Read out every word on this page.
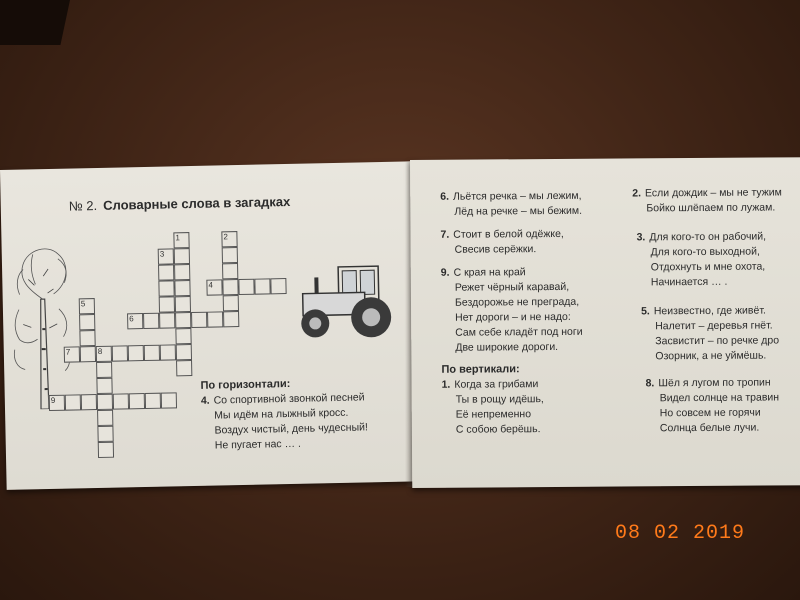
№ 2. Словарные слова в загадках
1	2
3
4
5
6
7	8
9
По горизонтали:
4. Со спортивной звонкой песней
Мы идём на лыжный кросс.
Воздух чистый, день чудесный!
Не пугает нас … .
6. Льётся речка – мы лежим,
Лёд на речке – мы бежим.
7. Стоит в белой одёжке,
Свесив серёжки.
9. С края на край
Режет чёрный каравай,
Бездорожье не преграда,
Нет дороги – и не надо:
Сам себе кладёт под ноги
Две широкие дороги.
По вертикали:
1. Когда за грибами
Ты в рощу идёшь,
Её непременно
С собою берёшь.
2. Если дождик – мы не тужим
Бойко шлёпаем по лужам.
3. Для кого-то он рабочий,
Для кого-то выходной,
Отдохнуть и мне охота,
Начинается … .
5. Неизвестно, где живёт.
Налетит – деревья гнёт.
Засвистит – по речке дро
Озорник, а не уймёшь.
8. Шёл я лугом по тропин
Видел солнце на травин
Но совсем не горячи
Солнца белые лучи.
08 02 2019
